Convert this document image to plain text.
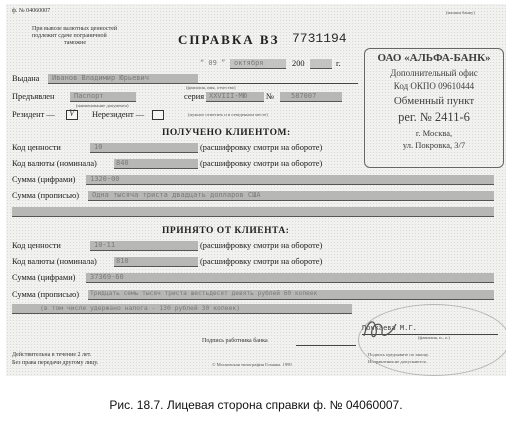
ф. № 04060007	(машин банку)
При вывозе валютных ценностей
подлежит сдаче пограничной
таможне	СПРАВКА ВЗ 7731194
“ 09 ” октября	200	г.
Выдана Иванов Владимир Юрьевич
(фамилия, имя, отчество)
Предъявлен	Паспорт
(наименование документа)
серия XXVIII-МЮ № 587007
Резидент — V Нерезидент —	(нужное отметить и в отведенном месте)
ПОЛУЧЕНО КЛИЕНТОМ:
Код ценности	10	(расшифровку смотри на обороте)
Код валюты (номинала)	840	(расшифровку смотри на обороте)
Сумма (цифрами) 1320-00
Сумма (прописью) Одна тысяча триста двадцать долларов США
ПРИНЯТО ОТ КЛИЕНТА:
Код ценности	10-11	(расшифровку смотри на обороте)
Код валюты (номинала)	810	(расшифровку смотри на обороте)
Сумма (цифрами) 37369-60
Сумма (прописью) Тридцать семь тысяч триста шестьдесят девять рублей 60 копеек
(в том числе удержано налога - 130 рублей 30 копеек)
Почкаева М.Г.
(фамилия, и., о.)
Подпись работника банка
Действительна в течение 2 лет.
Без права передачи другому лицу.	© Московская типография Гознака. 1999
Подпись предъявите по закону.
Исправления не допускаются.
ОАО «АЛЬФА-БАНК»
Дополнительный офис
Код ОКПО 09610444
Обменный пункт
рег. № 2411-6
г. Москва,
ул. Покровка, 3/7
Рис. 18.7. Лицевая сторона справки ф. № 04060007.
